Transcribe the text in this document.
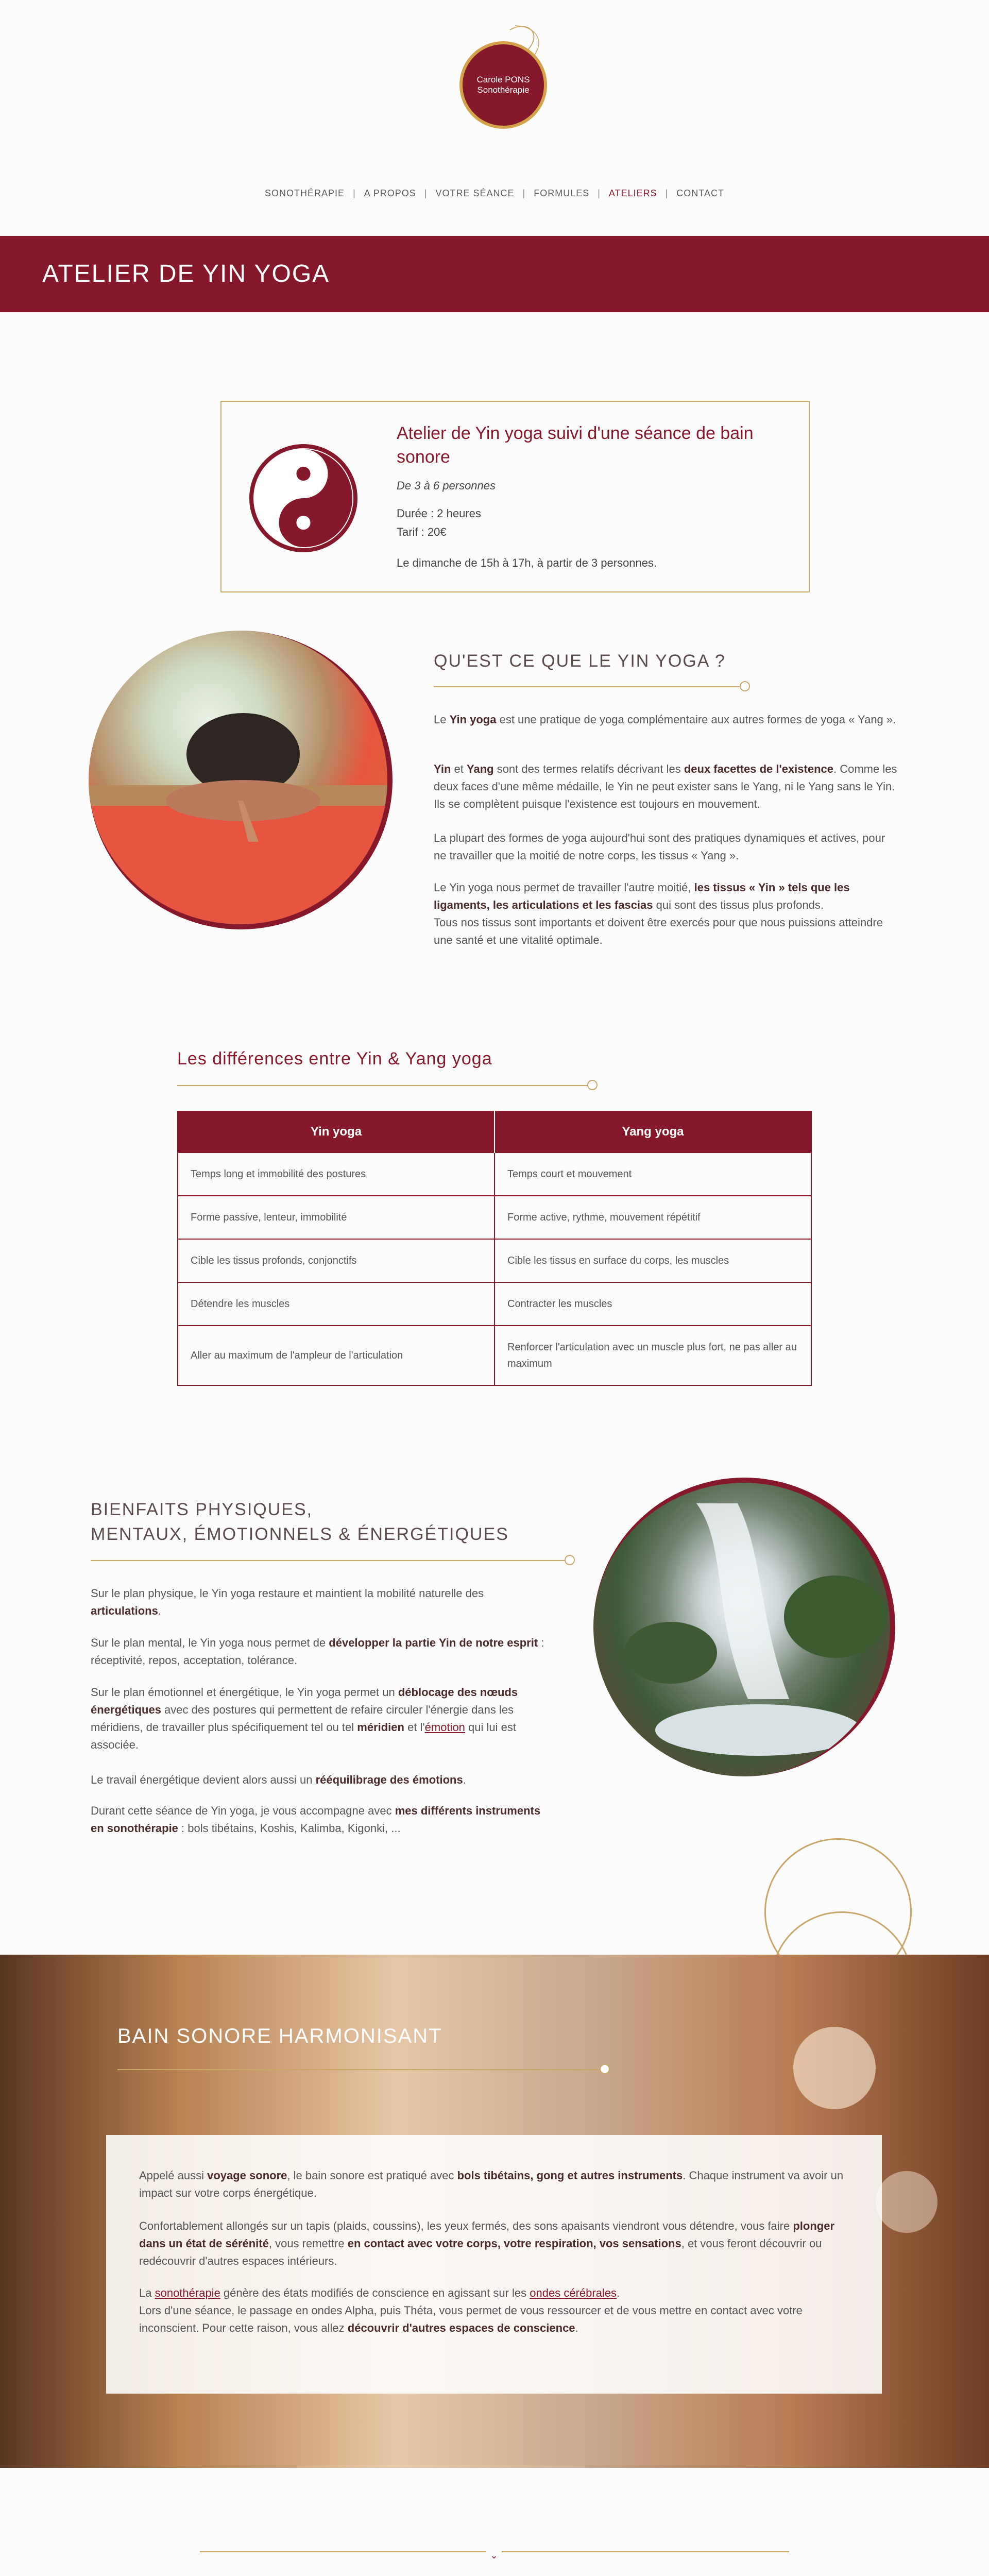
Carole PONS
Sonothérapie
SONOTHÉRAPIE | A PROPOS | VOTRE SÉANCE | FORMULES | ATELIERS | CONTACT
ATELIER DE YIN YOGA
Atelier de Yin yoga suivi d'une séance de bain sonore
De 3 à 6 personnes
Durée : 2 heures
Tarif : 20€
Le dimanche de 15h à 17h, à partir de 3 personnes.
QU'EST CE QUE LE YIN YOGA ?
Le Yin yoga est une pratique de yoga complémentaire aux autres formes de yoga « Yang ».
Yin et Yang sont des termes relatifs décrivant les deux facettes de l'existence. Comme les deux faces d'une même médaille, le Yin ne peut exister sans le Yang, ni le Yang sans le Yin. Ils se complètent puisque l'existence est toujours en mouvement.
La plupart des formes de yoga aujourd'hui sont des pratiques dynamiques et actives, pour ne travailler que la moitié de notre corps, les tissus « Yang ».
Le Yin yoga nous permet de travailler l'autre moitié, les tissus « Yin » tels que les ligaments, les articulations et les fascias qui sont des tissus plus profonds.
Tous nos tissus sont importants et doivent être exercés pour que nous puissions atteindre une santé et une vitalité optimale.
Les différences entre Yin & Yang yoga
Yin yoga	Yang yoga
Temps long et immobilité des postures	Temps court et mouvement
Forme passive, lenteur, immobilité	Forme active, rythme, mouvement répétitif
Cible les tissus profonds, conjonctifs	Cible les tissus en surface du corps, les muscles
Détendre les muscles	Contracter les muscles
Aller au maximum de l'ampleur de l'articulation	Renforcer l'articulation avec un muscle plus fort, ne pas aller au maximum
BIENFAITS PHYSIQUES,
MENTAUX, ÉMOTIONNELS & ÉNERGÉTIQUES
Sur le plan physique, le Yin yoga restaure et maintient la mobilité naturelle des articulations.
Sur le plan mental, le Yin yoga nous permet de développer la partie Yin de notre esprit : réceptivité, repos, acceptation, tolérance.
Sur le plan émotionnel et énergétique, le Yin yoga permet un déblocage des nœuds énergétiques avec des postures qui permettent de refaire circuler l'énergie dans les méridiens, de travailler plus spécifiquement tel ou tel méridien et l'émotion qui lui est associée.
Le travail énergétique devient alors aussi un rééquilibrage des émotions.
Durant cette séance de Yin yoga, je vous accompagne avec mes différents instruments en sonothérapie : bols tibétains, Koshis, Kalimba, Kigonki, ...
BAIN SONORE HARMONISANT
Appelé aussi voyage sonore, le bain sonore est pratiqué avec bols tibétains, gong et autres instruments. Chaque instrument va avoir un impact sur votre corps énergétique.
Confortablement allongés sur un tapis (plaids, coussins), les yeux fermés, des sons apaisants viendront vous détendre, vous faire plonger dans un état de sérénité, vous remettre en contact avec votre corps, votre respiration, vos sensations, et vous feront découvrir ou redécouvrir d'autres espaces intérieurs.
La sonothérapie génère des états modifiés de conscience en agissant sur les ondes cérébrales.
Lors d'une séance, le passage en ondes Alpha, puis Théta, vous permet de vous ressourcer et de vous mettre en contact avec votre inconscient. Pour cette raison, vous allez découvrir d'autres espaces de conscience.
⌄
